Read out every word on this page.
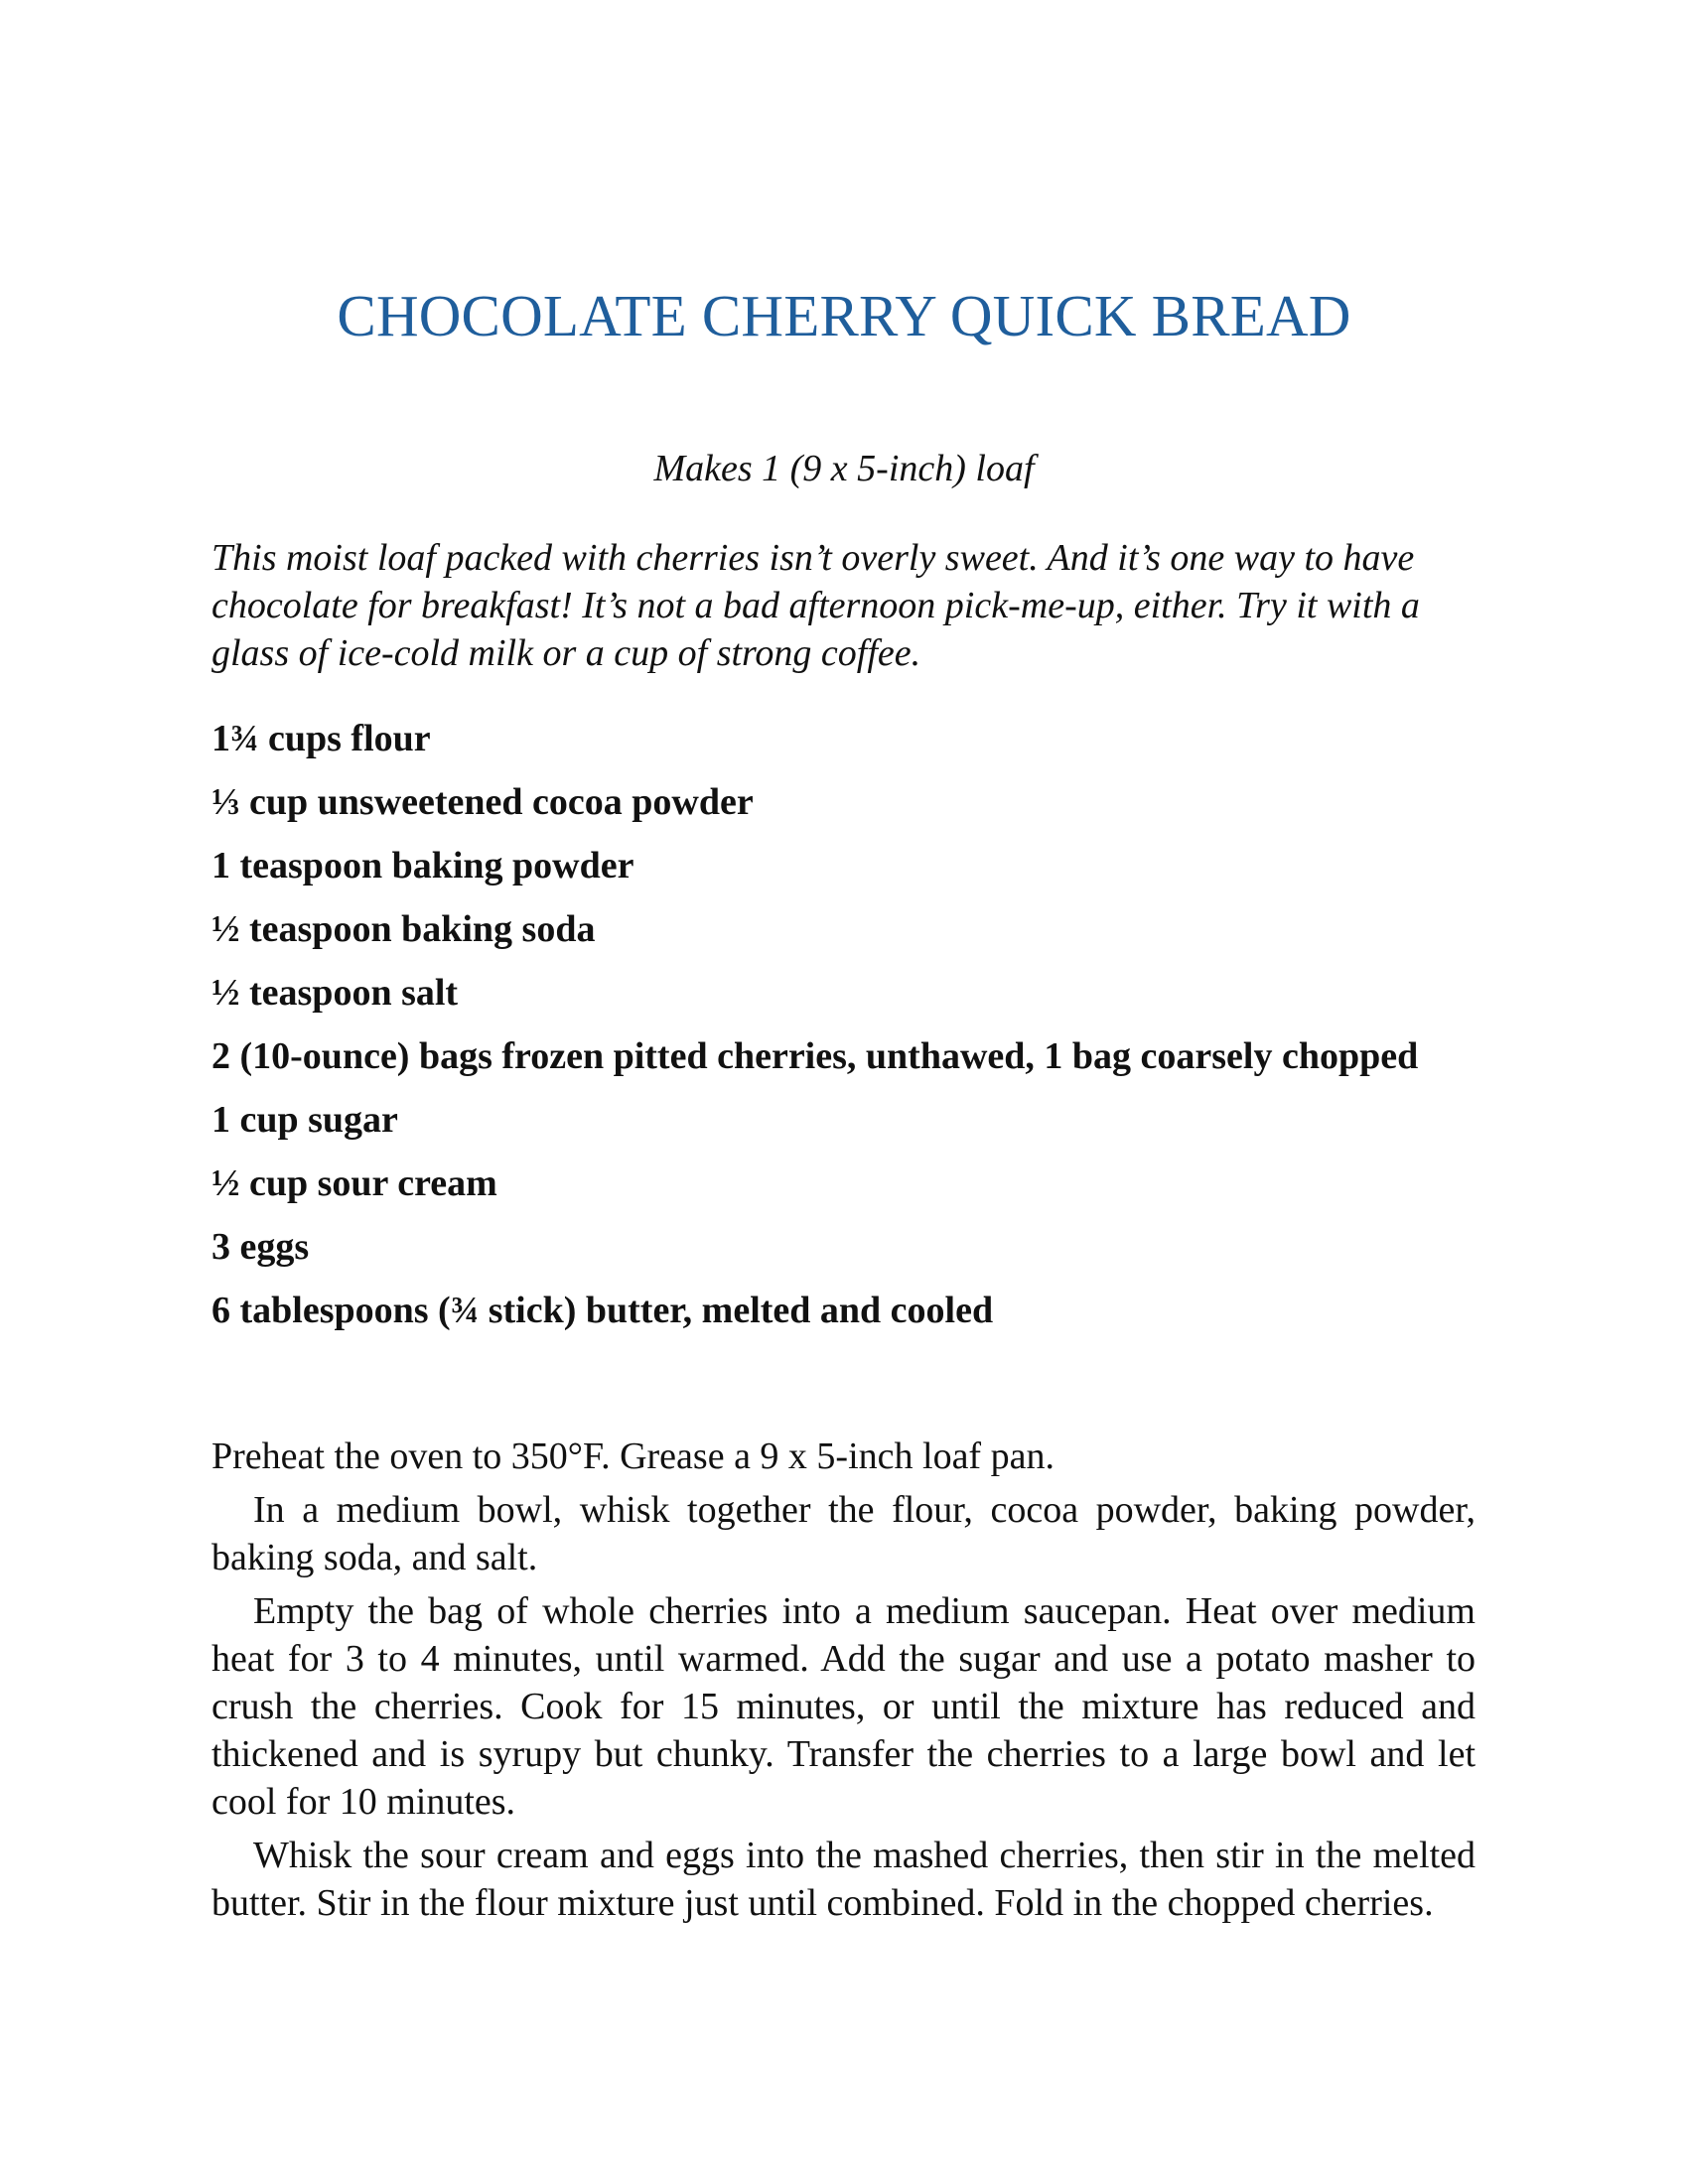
CHOCOLATE CHERRY QUICK BREAD

Makes 1 (9 x 5-inch) loaf

This moist loaf packed with cherries isn’t overly sweet. And it’s one way to have chocolate for breakfast! It’s not a bad afternoon pick-me-up, either. Try it with a glass of ice-cold milk or a cup of strong coffee.

1¾ cups flour
⅓ cup unsweetened cocoa powder
1 teaspoon baking powder
½ teaspoon baking soda
½ teaspoon salt
2 (10-ounce) bags frozen pitted cherries, unthawed, 1 bag coarsely chopped
1 cup sugar
½ cup sour cream
3 eggs
6 tablespoons (¾ stick) butter, melted and cooled

Preheat the oven to 350°F. Grease a 9 x 5-inch loaf pan.

In a medium bowl, whisk together the flour, cocoa powder, baking powder, baking soda, and salt.

Empty the bag of whole cherries into a medium saucepan. Heat over medium heat for 3 to 4 minutes, until warmed. Add the sugar and use a potato masher to crush the cherries. Cook for 15 minutes, or until the mixture has reduced and thickened and is syrupy but chunky. Transfer the cherries to a large bowl and let cool for 10 minutes.

Whisk the sour cream and eggs into the mashed cherries, then stir in the melted butter. Stir in the flour mixture just until combined. Fold in the chopped cherries.
